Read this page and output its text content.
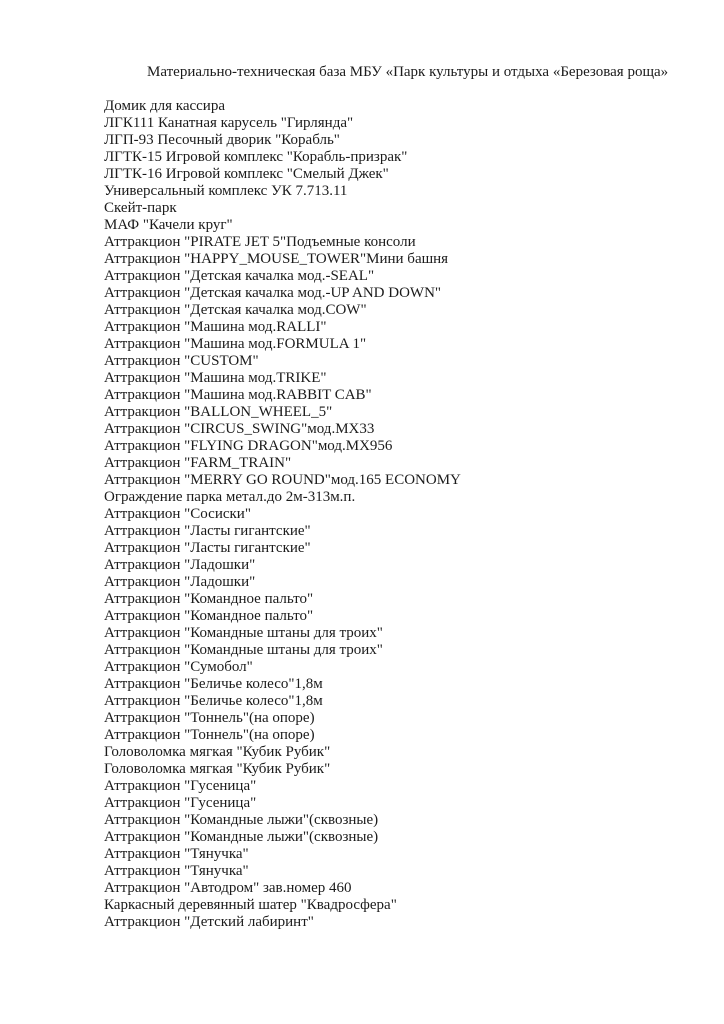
Материально-техническая база МБУ «Парк культуры и отдыха «Березовая роща»
Домик для кассира
ЛГК111 Канатная карусель "Гирлянда"
ЛГП-93 Песочный дворик "Корабль"
ЛГТК-15 Игровой комплекс "Корабль-призрак"
ЛГТК-16 Игровой комплекс "Смелый Джек"
Универсальный комплекс УК 7.713.11
Скейт-парк
МАФ "Качели круг"
Аттракцион "PIRATE JET 5"Подъемные консоли
Аттракцион "HAPPY_MOUSE_TOWER"Мини башня
Аттракцион "Детская качалка мод.-SEAL"
Аттракцион "Детская качалка мод.-UP AND DOWN"
Аттракцион "Детская качалка мод.COW"
Аттракцион "Машина мод.RALLI"
Аттракцион "Машина мод.FORMULA 1"
Аттракцион "CUSTOM"
Аттракцион "Машина мод.TRIKE"
Аттракцион "Машина мод.RABBIT CAB"
Аттракцион "BALLON_WHEEL_5"
Аттракцион "CIRCUS_SWING"мод.MX33
Аттракцион "FLYING DRAGON"мод.MX956
Аттракцион "FARM_TRAIN"
Аттракцион "MERRY GO ROUND"мод.165 ECONOMY
Ограждение парка метал.до 2м-313м.п.
Аттракцион "Сосиски"
Аттракцион "Ласты гигантские"
Аттракцион "Ласты гигантские"
Аттракцион "Ладошки"
Аттракцион "Ладошки"
Аттракцион "Командное пальто"
Аттракцион "Командное пальто"
Аттракцион "Командные штаны для троих"
Аттракцион "Командные штаны для троих"
Аттракцион "Сумобол"
Аттракцион "Беличье колесо"1,8м
Аттракцион "Беличье колесо"1,8м
Аттракцион "Тоннель"(на опоре)
Аттракцион "Тоннель"(на опоре)
Головоломка мягкая "Кубик Рубик"
Головоломка мягкая "Кубик Рубик"
Аттракцион "Гусеница"
Аттракцион "Гусеница"
Аттракцион "Командные лыжи"(сквозные)
Аттракцион "Командные лыжи"(сквозные)
Аттракцион "Тянучка"
Аттракцион "Тянучка"
Аттракцион "Автодром" зав.номер 460
Каркасный деревянный шатер "Квадросфера"
Аттракцион "Детский лабиринт"
